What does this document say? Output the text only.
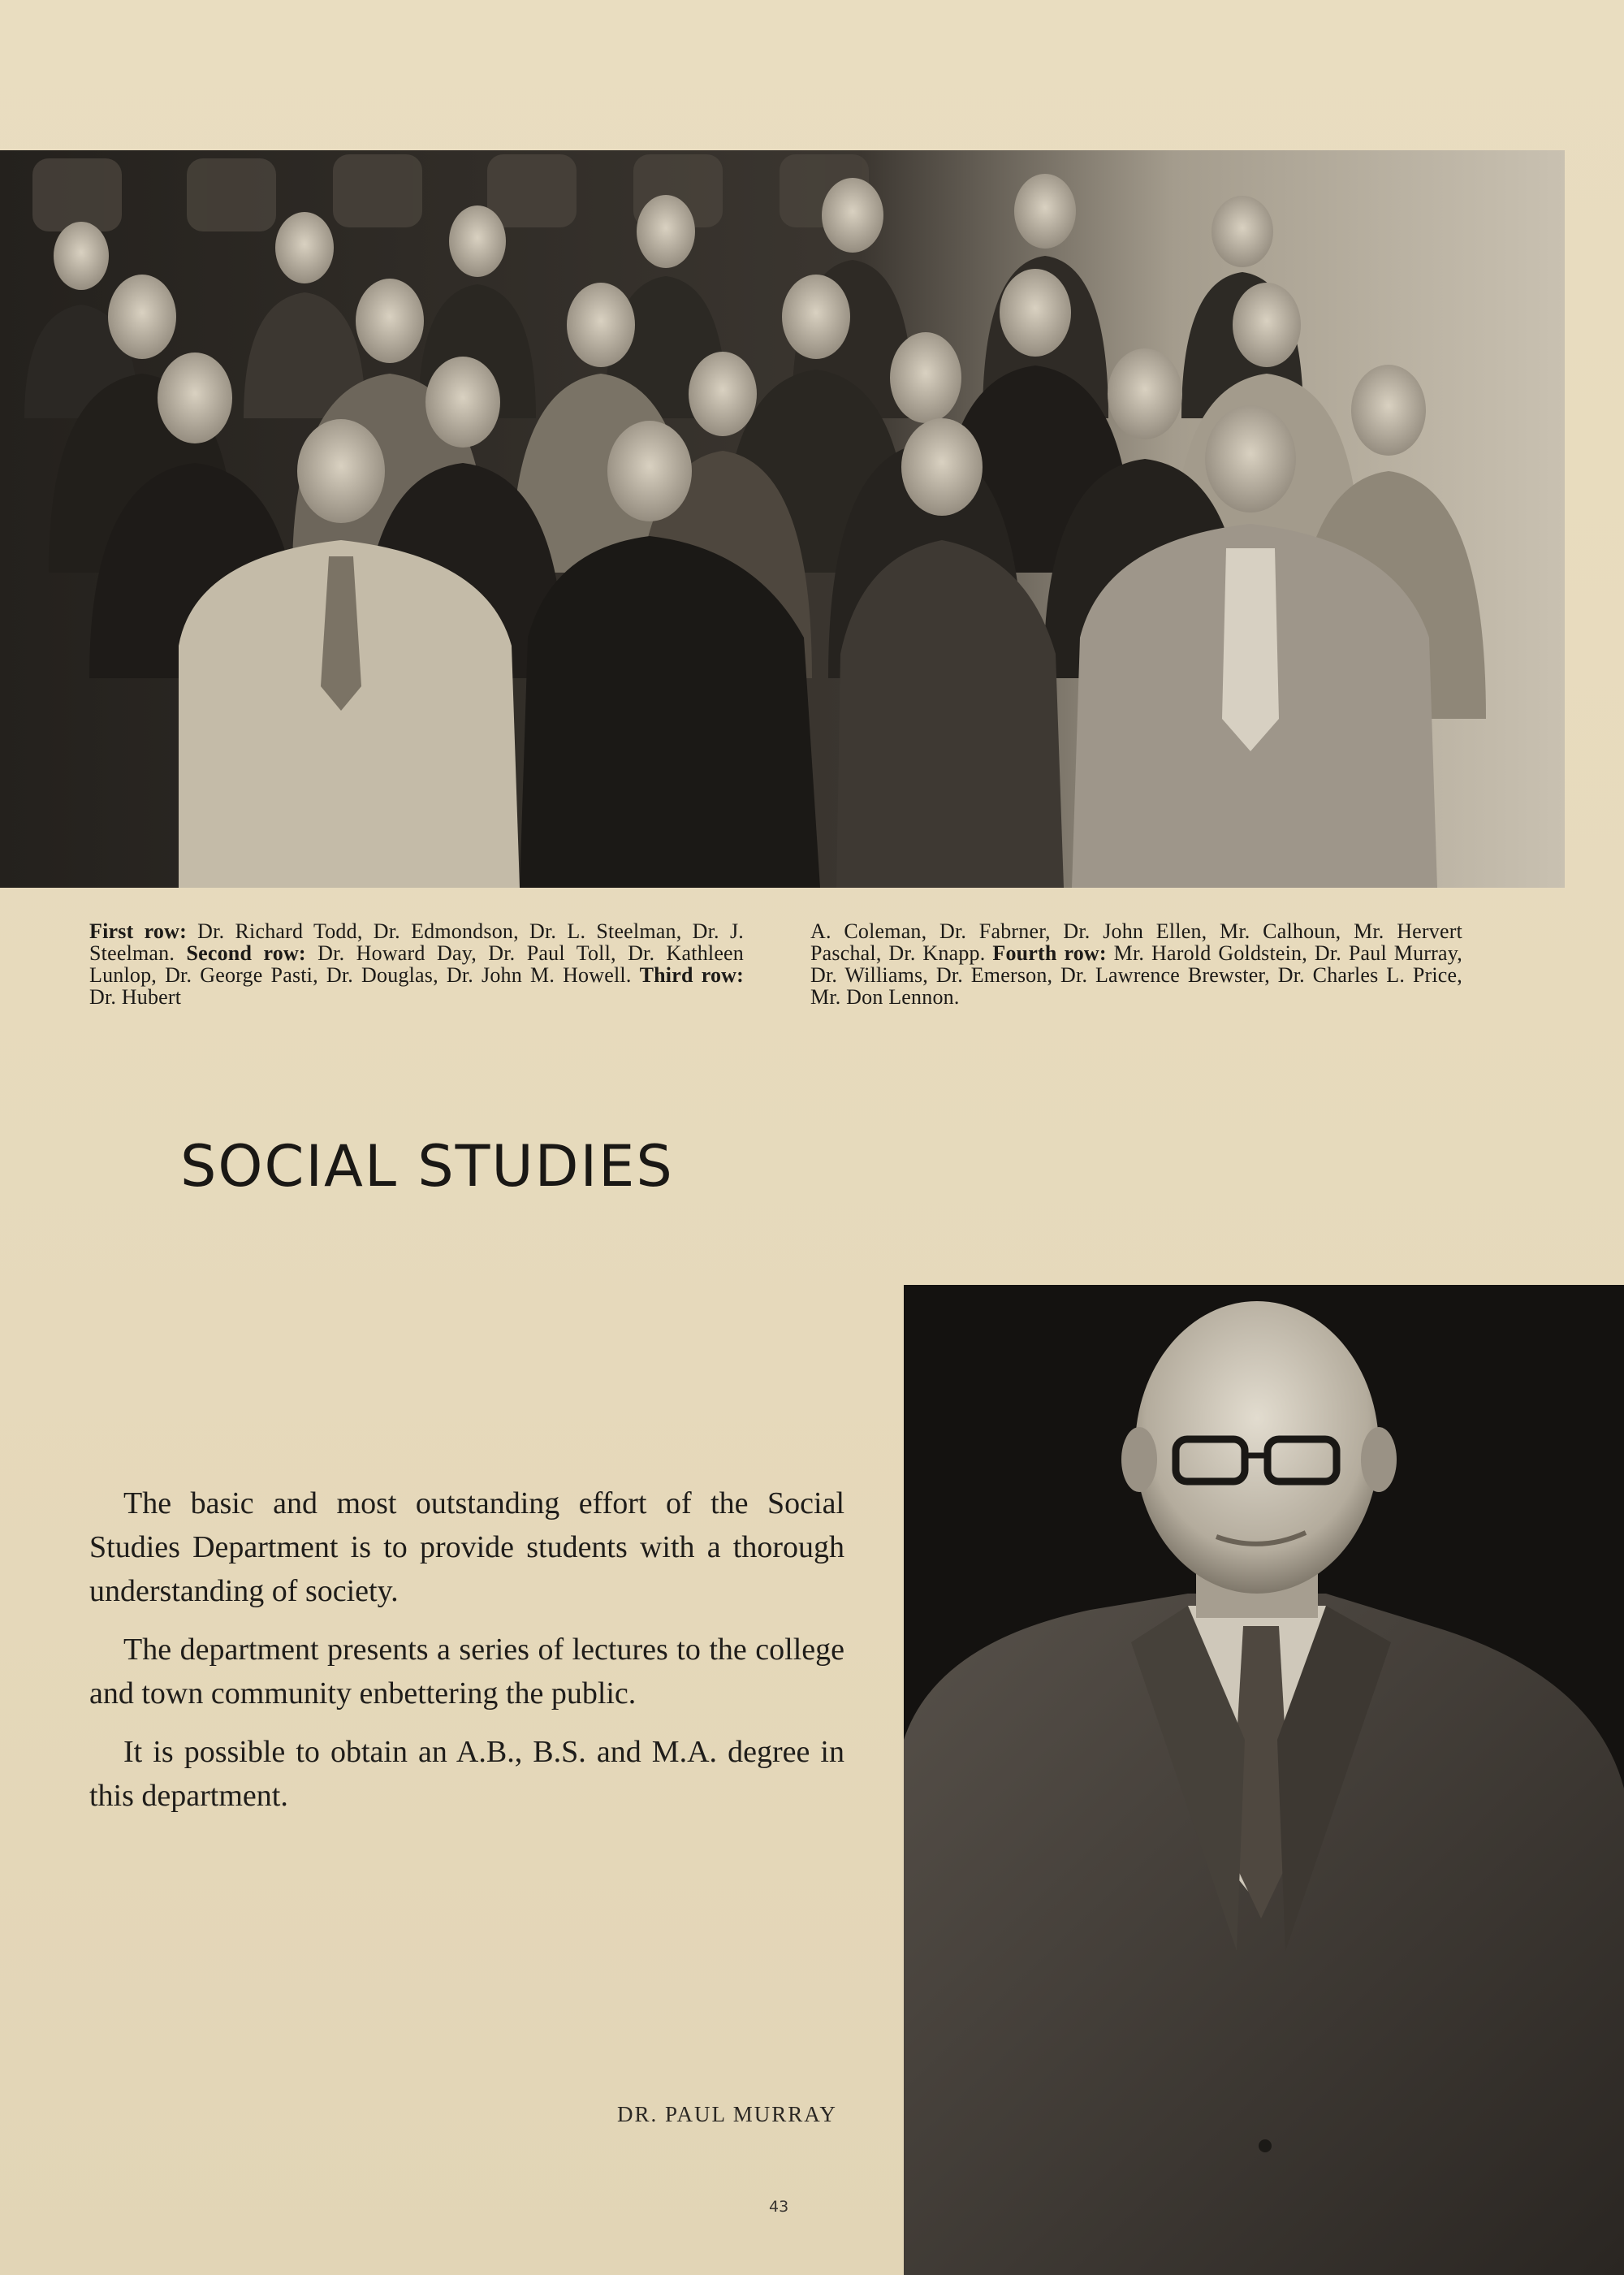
First row: Dr. Richard Todd, Dr. Edmondson, Dr. L. Steelman, Dr. J. Steelman. Second row: Dr. Howard Day, Dr. Paul Toll, Dr. Kathleen Lunlop, Dr. George Pasti, Dr. Douglas, Dr. John M. Howell. Third row: Dr. Hubert
A. Coleman, Dr. Fabrner, Dr. John Ellen, Mr. Calhoun, Mr. Hervert Paschal, Dr. Knapp. Fourth row: Mr. Harold Goldstein, Dr. Paul Murray, Dr. Williams, Dr. Emerson, Dr. Lawrence Brewster, Dr. Charles L. Price, Mr. Don Lennon.
SOCIAL STUDIES

The basic and most outstanding effort of the Social Studies Department is to provide students with a thorough understanding of society.

The department presents a series of lectures to the college and town community enbettering the public.

It is possible to obtain an A.B., B.S. and M.A. degree in this department.

DR. PAUL MURRAY
43
